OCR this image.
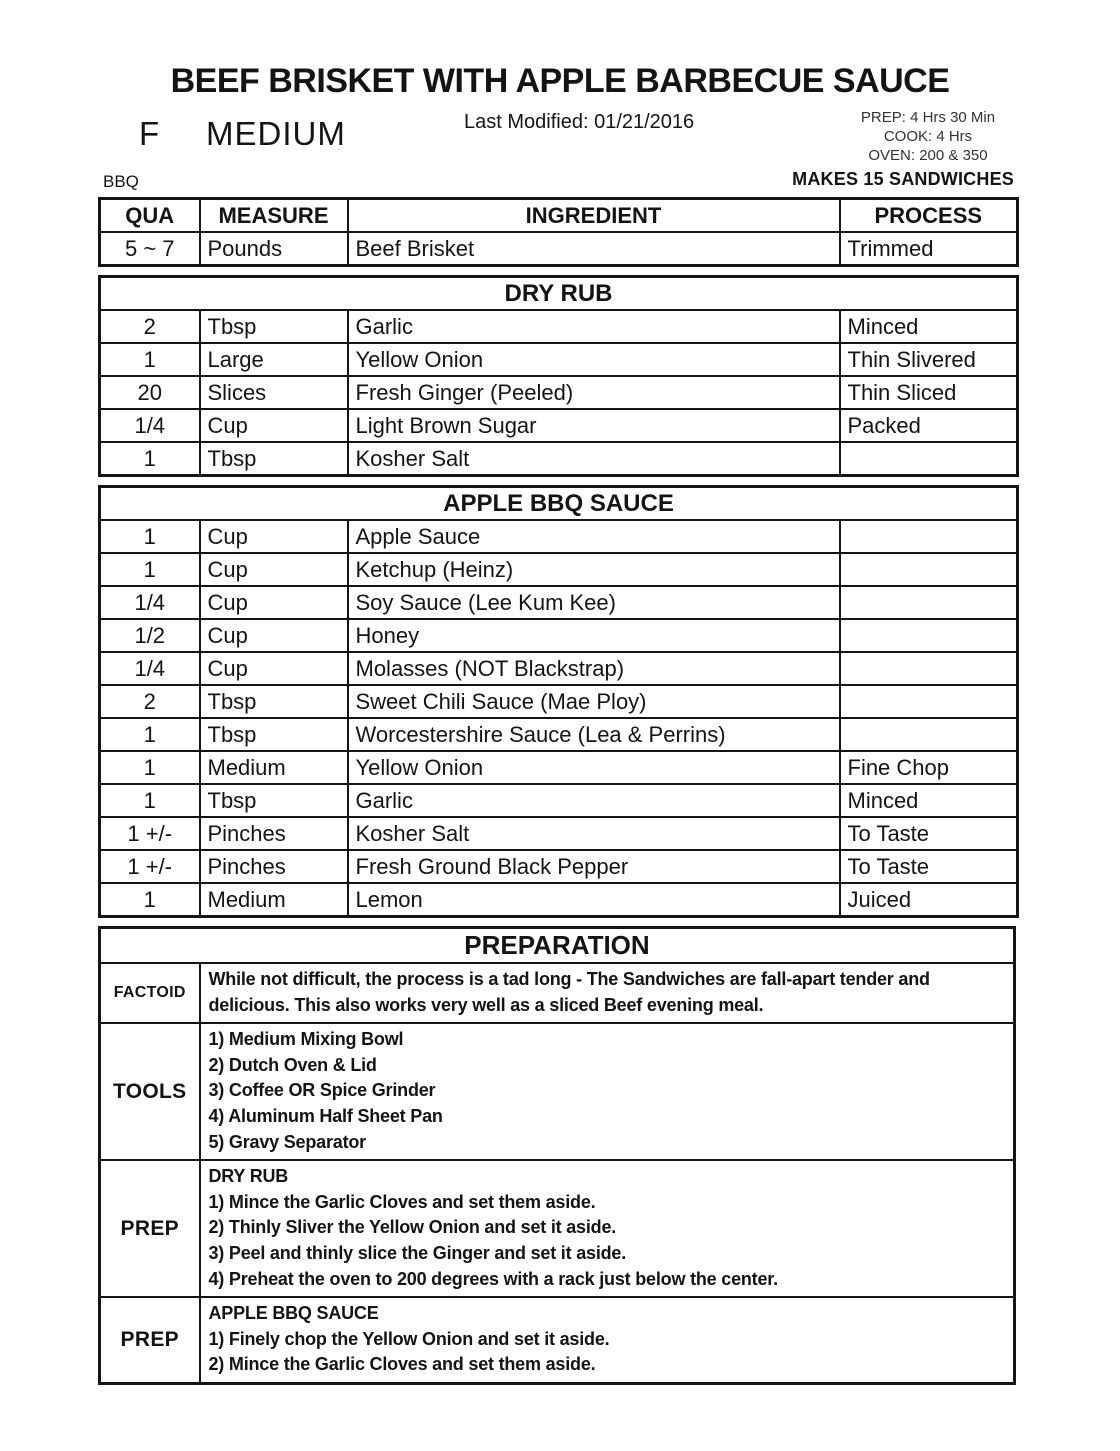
BEEF BRISKET WITH APPLE BARBECUE SAUCE
F MEDIUM	Last Modified: 01/21/2016	PREP: 4 Hrs 30 Min
COOK: 4 Hrs
OVEN: 200 & 350
BBQ	MAKES 15 SANDWICHES
QUA	MEASURE	INGREDIENT	PROCESS
5 ~ 7	Pounds	Beef Brisket	Trimmed
DRY RUB			
2	Tbsp	Garlic	Minced
1	Large	Yellow Onion	Thin Slivered
20	Slices	Fresh Ginger (Peeled)	Thin Sliced
1/4	Cup	Light Brown Sugar	Packed
1	Tbsp	Kosher Salt	
APPLE BBQ SAUCE			
1	Cup	Apple Sauce	
1	Cup	Ketchup (Heinz)	
1/4	Cup	Soy Sauce (Lee Kum Kee)	
1/2	Cup	Honey	
1/4	Cup	Molasses (NOT Blackstrap)	
2	Tbsp	Sweet Chili Sauce (Mae Ploy)	
1	Tbsp	Worcestershire Sauce (Lea & Perrins)	
1	Medium	Yellow Onion	Fine Chop
1	Tbsp	Garlic	Minced
1 +/-	Pinches	Kosher Salt	To Taste
1 +/-	Pinches	Fresh Ground Black Pepper	To Taste
1	Medium	Lemon	Juiced
PREPARATION	
FACTOID	While not difficult, the process is a tad long - The Sandwiches are fall-apart tender and delicious. This also works very well as a sliced Beef evening meal.

TOOLS	1) Medium Mixing Bowl
2) Dutch Oven & Lid
3) Coffee OR Spice Grinder
4) Aluminum Half Sheet Pan
5) Gravy Separator

PREP	DRY RUB
1) Mince the Garlic Cloves and set them aside.
2) Thinly Sliver the Yellow Onion and set it aside.
3) Peel and thinly slice the Ginger and set it aside.
4) Preheat the oven to 200 degrees with a rack just below the center.

PREP	APPLE BBQ SAUCE
1) Finely chop the Yellow Onion and set it aside.
2) Mince the Garlic Cloves and set them aside.
